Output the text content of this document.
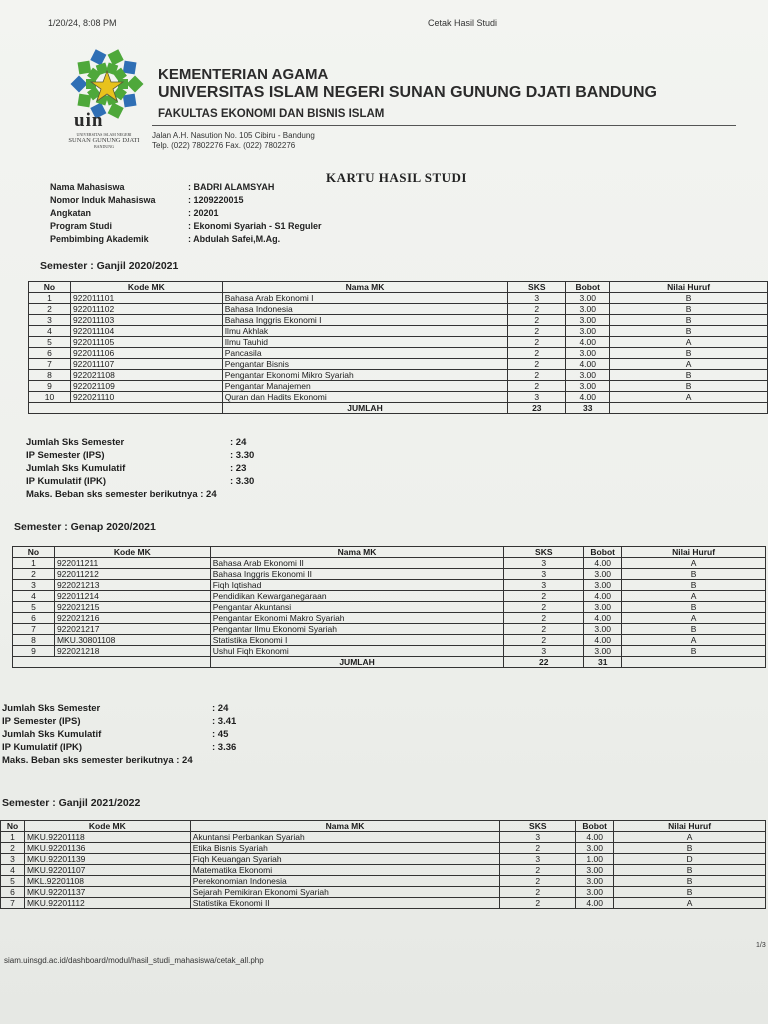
1/20/24, 8:08 PM	Cetak Hasil Studi
uin
UNIVERSITAS ISLAM NEGERI
SUNAN GUNUNG DJATI
BANDUNG
KEMENTERIAN AGAMA
UNIVERSITAS ISLAM NEGERI SUNAN GUNUNG DJATI BANDUNG
FAKULTAS EKONOMI DAN BISNIS ISLAM
Jalan A.H. Nasution No. 105 Cibiru - Bandung
Telp. (022) 7802276 Fax. (022) 7802276
KARTU HASIL STUDI
Nama Mahasiswa	: BADRI ALAMSYAH
Nomor Induk Mahasiswa	: 1209220015
Angkatan	: 20201
Program Studi	: Ekonomi Syariah - S1 Reguler
Pembimbing Akademik	: Abdulah Safei,M.Ag.
Semester : Ganjil 2020/2021
No	Kode MK	Nama MK	SKS	Bobot	Nilai Huruf
1	922011101	Bahasa Arab Ekonomi I	3	3.00	B
2	922011102	Bahasa Indonesia	2	3.00	B
3	922011103	Bahasa Inggris Ekonomi I	2	3.00	B
4	922011104	Ilmu Akhlak	2	3.00	B
5	922011105	Ilmu Tauhid	2	4.00	A
6	922011106	Pancasila	2	3.00	B
7	922011107	Pengantar Bisnis	2	4.00	A
8	922021108	Pengantar Ekonomi Mikro Syariah	2	3.00	B
9	922021109	Pengantar Manajemen	2	3.00	B
10	922021110	Quran dan Hadits Ekonomi	3	4.00	A
		JUMLAH	23	33	
Jumlah Sks Semester	: 24
IP Semester (IPS)	: 3.30
Jumlah Sks Kumulatif	: 23
IP Kumulatif (IPK)	: 3.30
Maks. Beban sks semester berikutnya : 24
Semester : Genap 2020/2021
No	Kode MK	Nama MK	SKS	Bobot	Nilai Huruf
1	922011211	Bahasa Arab Ekonomi II	3	4.00	A
2	922011212	Bahasa Inggris Ekonomi II	3	3.00	B
3	922021213	Fiqh Iqtishad	3	3.00	B
4	922011214	Pendidikan Kewarganegaraan	2	4.00	A
5	922021215	Pengantar Akuntansi	2	3.00	B
6	922021216	Pengantar Ekonomi Makro Syariah	2	4.00	A
7	922021217	Pengantar Ilmu Ekonomi Syariah	2	3.00	B
8	MKU.30801108	Statistika Ekonomi I	2	4.00	A
9	922021218	Ushul Fiqh Ekonomi	3	3.00	B
		JUMLAH	22	31	
Jumlah Sks Semester	: 24
IP Semester (IPS)	: 3.41
Jumlah Sks Kumulatif	: 45
IP Kumulatif (IPK)	: 3.36
Maks. Beban sks semester berikutnya : 24
Semester : Ganjil 2021/2022
No	Kode MK	Nama MK	SKS	Bobot	Nilai Huruf
1	MKU.92201118	Akuntansi Perbankan Syariah	3	4.00	A
2	MKU.92201136	Etika Bisnis Syariah	2	3.00	B
3	MKU.92201139	Fiqh Keuangan Syariah	3	1.00	D
4	MKU.92201107	Matematika Ekonomi	2	3.00	B
5	MKL.92201108	Perekonomian Indonesia	2	3.00	B
6	MKU.92201137	Sejarah Pemikiran Ekonomi Syariah	2	3.00	B
7	MKU.92201112	Statistika Ekonomi II	2	4.00	A
siam.uinsgd.ac.id/dashboard/modul/hasil_studi_mahasiswa/cetak_all.php
1/3
